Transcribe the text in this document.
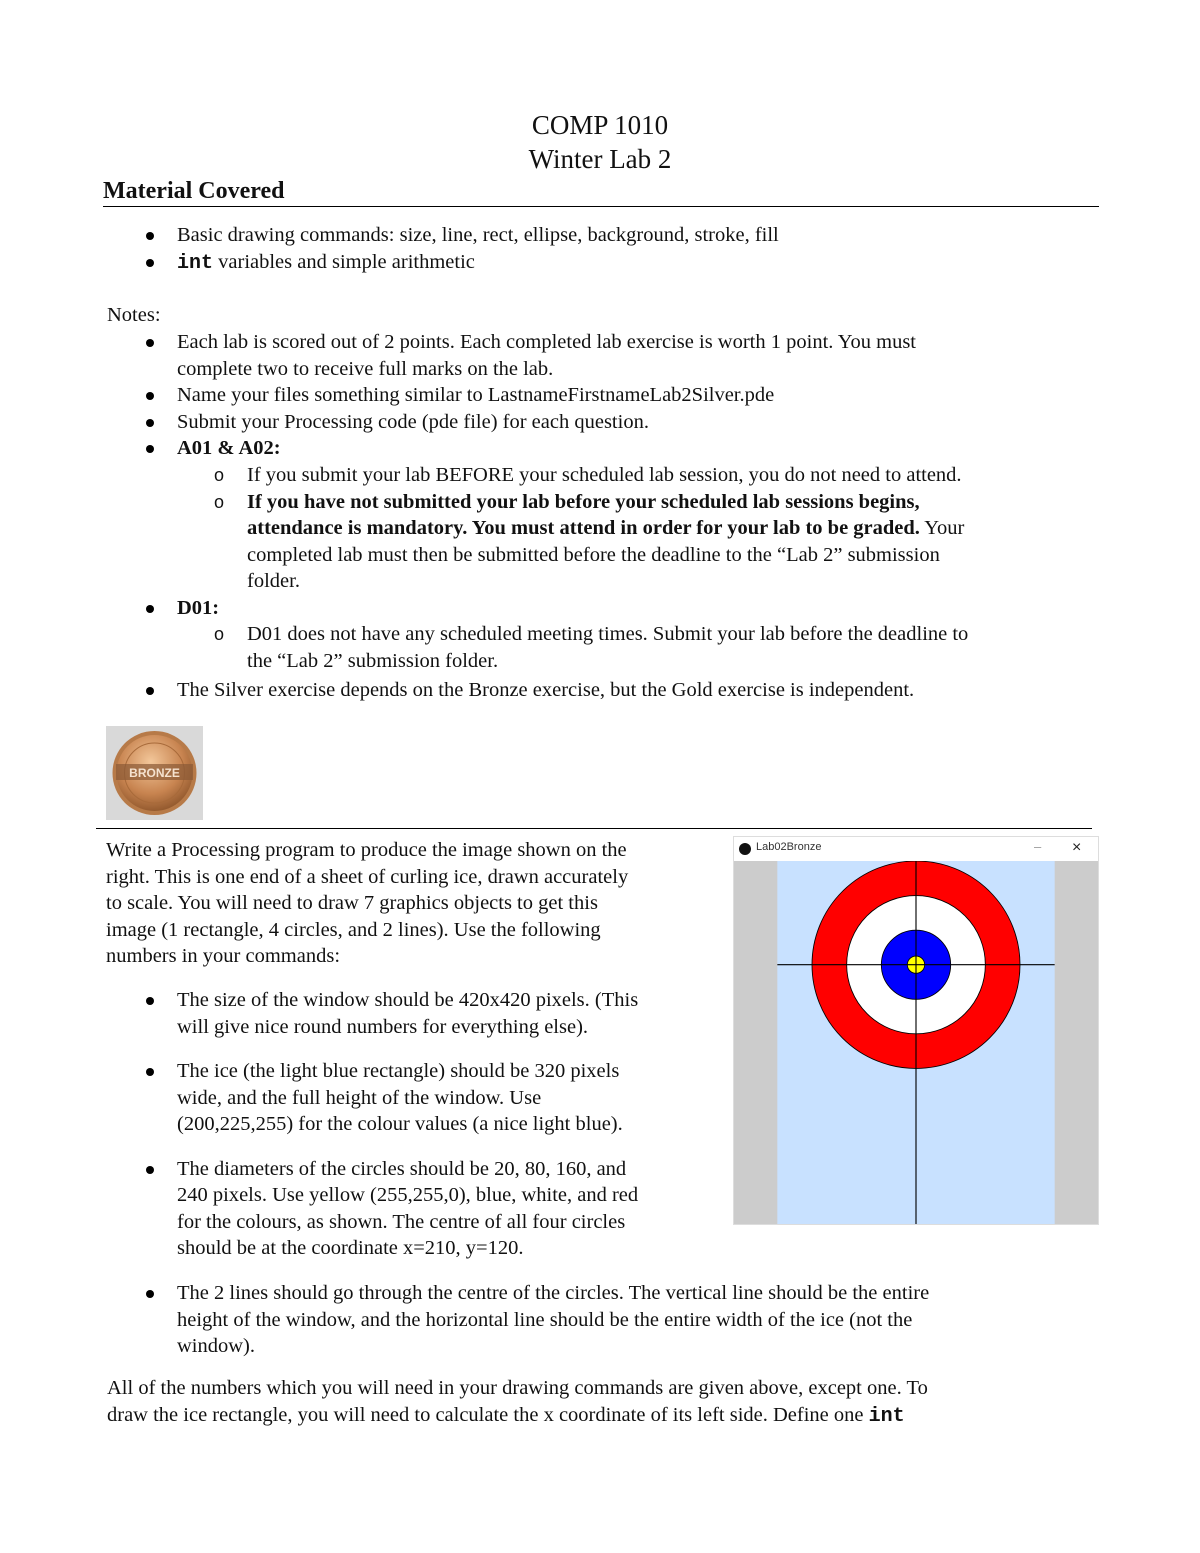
COMP 1010
Winter Lab 2
Material Covered
Basic drawing commands: size, line, rect, ellipse, background, stroke, fill
int variables and simple arithmetic
Notes:
Each lab is scored out of 2 points. Each completed lab exercise is worth 1 point. You must
complete two to receive full marks on the lab.
Name your files something similar to LastnameFirstnameLab2Silver.pde
Submit your Processing code (pde file) for each question.
A01 & A02:
o If you submit your lab BEFORE your scheduled lab session, you do not need to attend.
o If you have not submitted your lab before your scheduled lab sessions begins,
attendance is mandatory. You must attend in order for your lab to be graded. Your
completed lab must then be submitted before the deadline to the “Lab 2” submission
folder.
D01:
o D01 does not have any scheduled meeting times. Submit your lab before the deadline to
the “Lab 2” submission folder.
The Silver exercise depends on the Bronze exercise, but the Gold exercise is independent.
BRONZE
Write a Processing program to produce the image shown on the
right. This is one end of a sheet of curling ice, drawn accurately
to scale. You will need to draw 7 graphics objects to get this
image (1 rectangle, 4 circles, and 2 lines). Use the following
numbers in your commands:
The size of the window should be 420x420 pixels. (This
will give nice round numbers for everything else).
The ice (the light blue rectangle) should be 320 pixels
wide, and the full height of the window. Use
(200,225,255) for the colour values (a nice light blue).
The diameters of the circles should be 20, 80, 160, and
240 pixels. Use yellow (255,255,0), blue, white, and red
for the colours, as shown. The centre of all four circles
should be at the coordinate x=210, y=120.
The 2 lines should go through the centre of the circles. The vertical line should be the entire
height of the window, and the horizontal line should be the entire width of the ice (not the
window).
All of the numbers which you will need in your drawing commands are given above, except one. To
draw the ice rectangle, you will need to calculate the x coordinate of its left side. Define one int
Lab02Bronze	– ×
